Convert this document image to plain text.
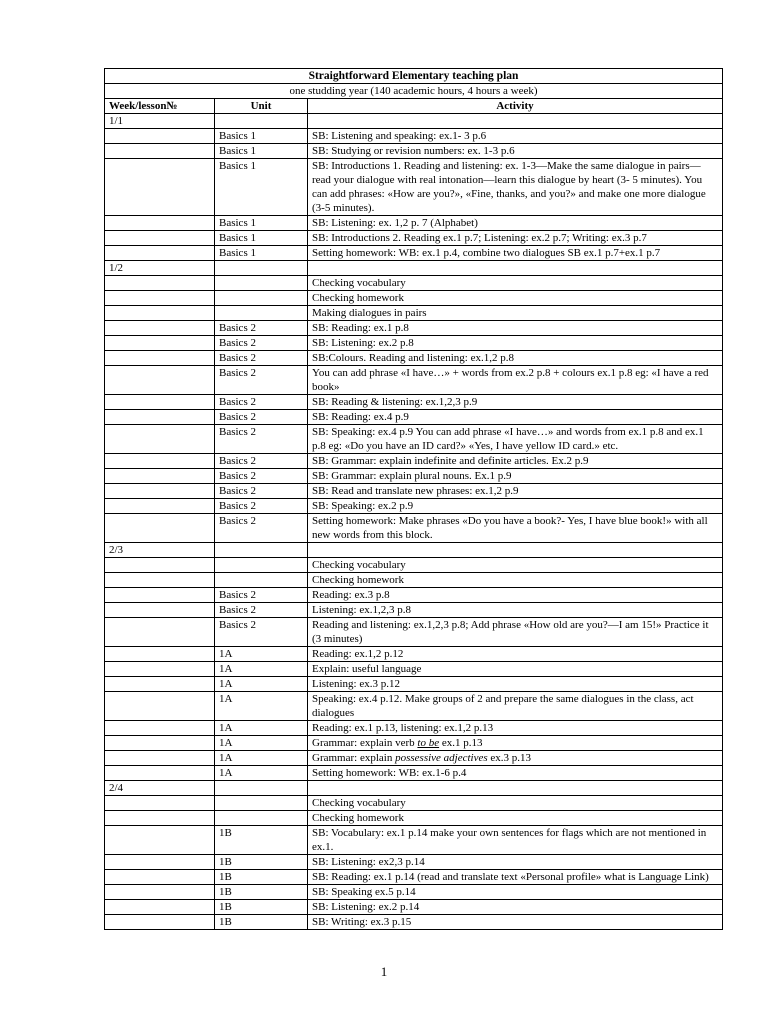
Straightforward Elementary teaching plan		
one studding year (140 academic hours, 4 hours a week)		
Week/lesson№	Unit	Activity
1/1		
	Basics 1	SB: Listening and speaking: ex.1- 3 p.6
	Basics 1	SB: Studying or revision numbers: ex. 1-3 p.6
	Basics 1	SB: Introductions 1. Reading and listening: ex. 1-3—Make the same dialogue in pairs—read your dialogue with real intonation—learn this dialogue by heart (3- 5 minutes). You can add phrases: «How are you?», «Fine, thanks, and you?» and make one more dialogue (3-5 minutes).
	Basics 1	SB: Listening: ex. 1,2 p. 7 (Alphabet)
	Basics 1	SB: Introductions 2. Reading ex.1 p.7; Listening: ex.2 p.7; Writing: ex.3 p.7
	Basics 1	Setting homework: WB: ex.1 p.4, combine two dialogues SB ex.1 p.7+ex.1 p.7
1/2		
		Checking vocabulary
		Checking homework
		Making dialogues in pairs
	Basics 2	SB: Reading: ex.1 p.8
	Basics 2	SB: Listening: ex.2 p.8
	Basics 2	SB:Colours. Reading and listening: ex.1,2 p.8
	Basics 2	You can add phrase «I have…» + words from ex.2 p.8 + colours ex.1 p.8 eg: «I have a red book»
	Basics 2	SB: Reading & listening: ex.1,2,3 p.9
	Basics 2	SB: Reading: ex.4 p.9
	Basics 2	SB: Speaking: ex.4 p.9 You can add phrase «I have…» and words from ex.1 p.8 and ex.1 p.8 eg: «Do you have an ID card?» «Yes, I have yellow ID card.» etc.
	Basics 2	SB: Grammar: explain indefinite and definite articles. Ex.2 p.9
	Basics 2	SB: Grammar: explain plural nouns. Ex.1 p.9
	Basics 2	SB: Read and translate new phrases: ex.1,2 p.9
	Basics 2	SB: Speaking: ex.2 p.9
	Basics 2	Setting homework: Make phrases «Do you have a book?- Yes, I have blue book!» with all new words from this block.
2/3		
		Checking vocabulary
		Checking homework
	Basics 2	Reading: ex.3 p.8
	Basics 2	Listening: ex.1,2,3 p.8
	Basics 2	Reading and listening: ex.1,2,3 p.8; Add phrase «How old are you?—I am 15!» Practice it (3 minutes)
	1A	Reading: ex.1,2 p.12
	1A	Explain: useful language
	1A	Listening: ex.3 p.12
	1A	Speaking: ex.4 p.12. Make groups of 2 and prepare the same dialogues in the class, act dialogues
	1A	Reading: ex.1 p.13, listening: ex.1,2 p.13
	1A	Grammar: explain verb to be ex.1 p.13
	1A	Grammar: explain possessive adjectives ex.3 p.13
	1A	Setting homework: WB: ex.1-6 p.4
2/4		
		Checking vocabulary
		Checking homework
	1B	SB: Vocabulary: ex.1 p.14 make your own sentences for flags which are not mentioned in ex.1.
	1B	SB: Listening: ex2,3 p.14
	1B	SB: Reading: ex.1 p.14 (read and translate text «Personal profile» what is Language Link)
	1B	SB: Speaking ex.5 p.14
	1B	SB: Listening: ex.2 p.14
	1B	SB: Writing: ex.3 p.15
1
